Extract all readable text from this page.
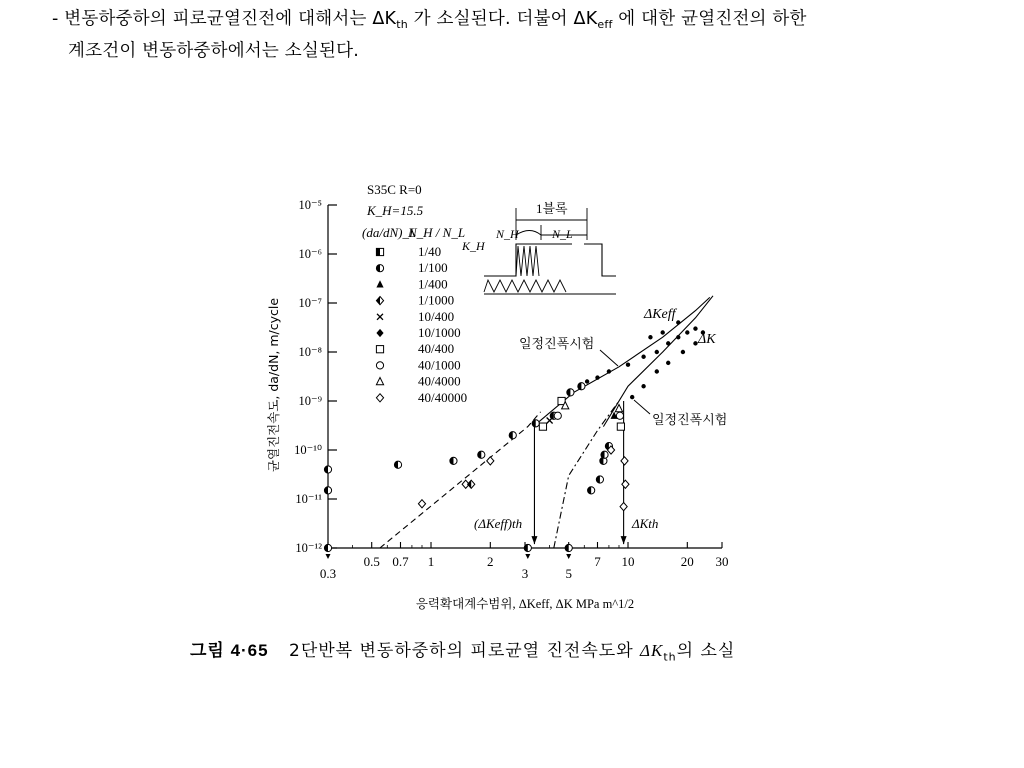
- 변동하중하의 피로균열진전에 대해서는 $\Delta K_{th}$ 가 소실된다. 더불어 $\Delta K_{eff}$ 에 대한 균열진전의 하한
계조건이 변동하중하에서는 소실된다.
10⁻¹²
10⁻¹¹
10⁻¹⁰
10⁻⁹
10⁻⁸
10⁻⁷
10⁻⁶
10⁻⁵
0.3
0.5 0.7 1	2
3	5
7 10	20 30
S35C R=0
K_H=15.5
(da/dN)_L
N_H / N_L
1/40
1/100
1/400
1/1000
10/400
10/1000
40/400
40/1000
40/4000
40/40000
1블록
N_H	N_L
K_H
ΔKeff
ΔK
일정진폭시험
일정진폭시험
(ΔKeff)th	ΔKth
응력확대계수범위, ΔKeff, ΔK MPa m^1/2
균열진전속도, da/dN, m/cycle
그림 4·65 2단반복 변동하중하의 피로균열 진전속도와 $\Delta K_{th}$의 소실
